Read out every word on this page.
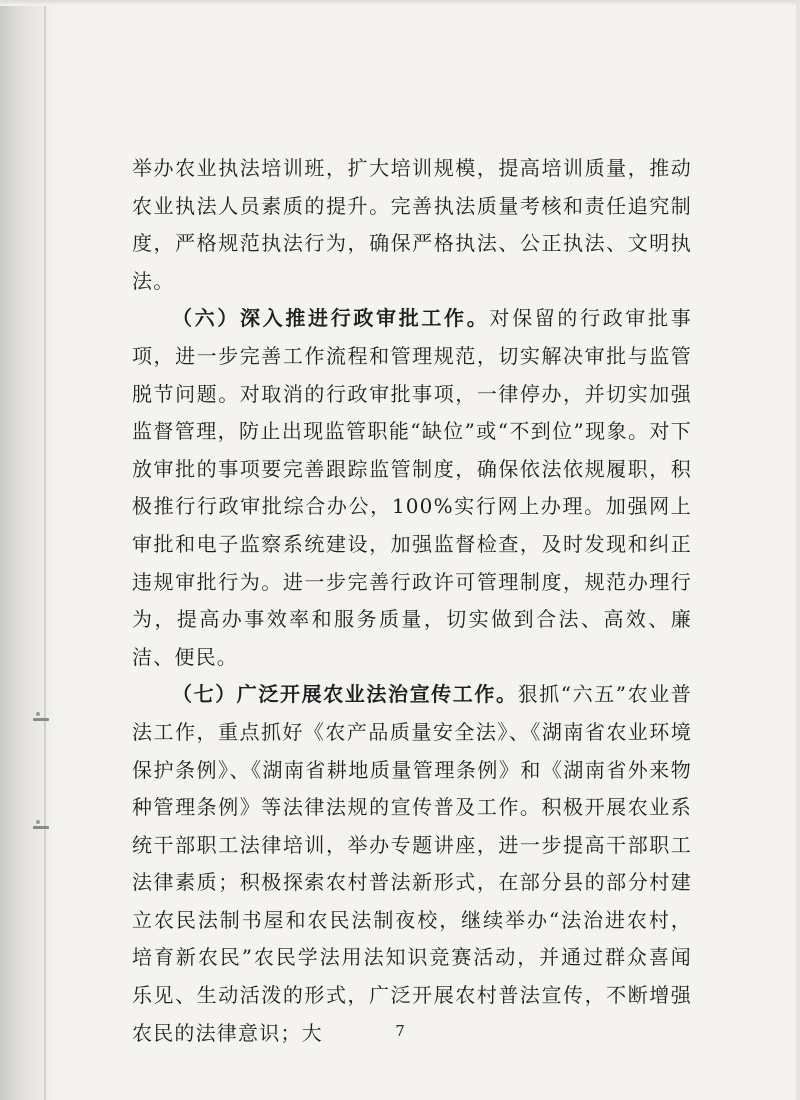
举办农业执法培训班，扩大培训规模，提高培训质量，推动农业执法人员素质的提升。完善执法质量考核和责任追究制度，严格规范执法行为，确保严格执法、公正执法、文明执法。

（六）深入推进行政审批工作。对保留的行政审批事项，进一步完善工作流程和管理规范，切实解决审批与监管脱节问题。对取消的行政审批事项，一律停办，并切实加强监督管理，防止出现监管职能“缺位”或“不到位”现象。对下放审批的事项要完善跟踪监管制度，确保依法依规履职，积极推行行政审批综合办公，100%实行网上办理。加强网上审批和电子监察系统建设，加强监督检查，及时发现和纠正违规审批行为。进一步完善行政许可管理制度，规范办理行为，提高办事效率和服务质量，切实做到合法、高效、廉洁、便民。

（七）广泛开展农业法治宣传工作。狠抓“六五”农业普法工作，重点抓好《农产品质量安全法》、《湖南省农业环境保护条例》、《湖南省耕地质量管理条例》和《湖南省外来物种管理条例》等法律法规的宣传普及工作。积极开展农业系统干部职工法律培训，举办专题讲座，进一步提高干部职工法律素质；积极探索农村普法新形式，在部分县的部分村建立农民法制书屋和农民法制夜校，继续举办“法治进农村，培育新农民”农民学法用法知识竞赛活动，并通过群众喜闻乐见、生动活泼的形式，广泛开展农村普法宣传，不断增强农民的法律意识；大	7
